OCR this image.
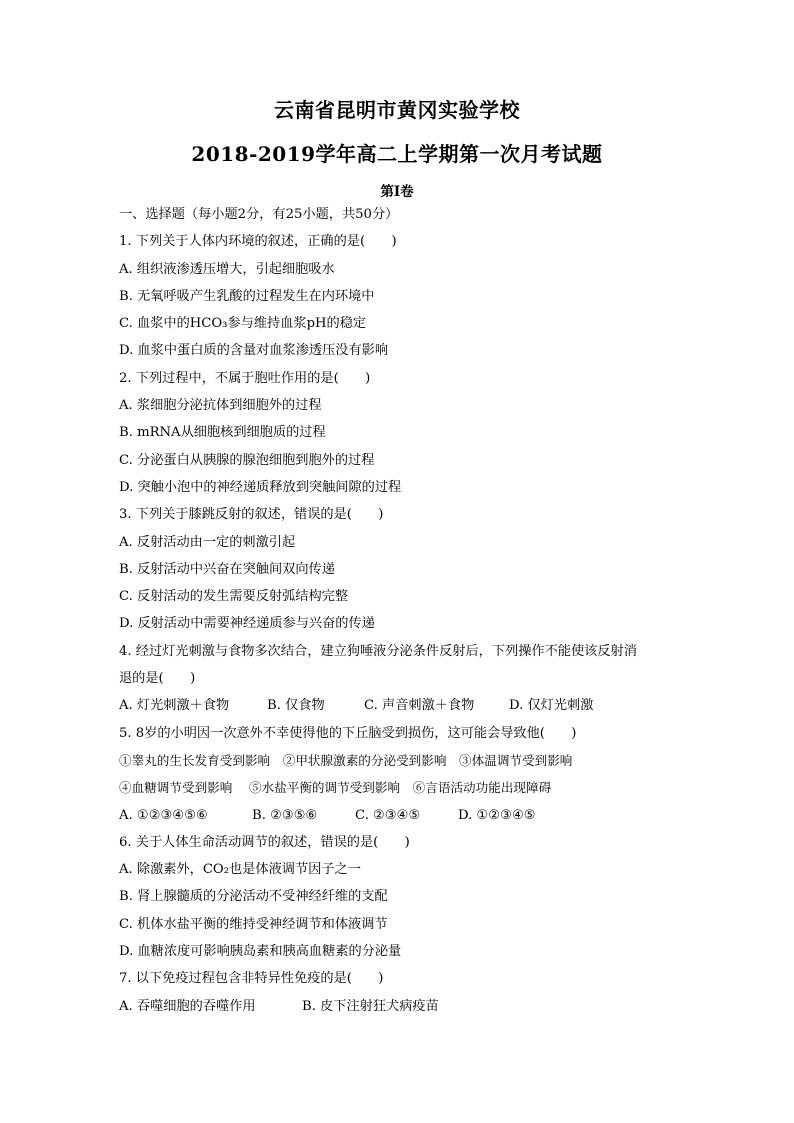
云南省昆明市黄冈实验学校
2018-2019学年高二上学期第一次月考试题
第Ⅰ卷
一、选择题（每小题2分，有25小题，共50分）
1. 下列关于人体内环境的叙述，正确的是(　　)
A. 组织液渗透压增大，引起细胞吸水
B. 无氧呼吸产生乳酸的过程发生在内环境中
C. 血浆中的HCO₃参与维持血浆pH的稳定
D. 血浆中蛋白质的含量对血浆渗透压没有影响
2. 下列过程中，不属于胞吐作用的是(　　)
A. 浆细胞分泌抗体到细胞外的过程
B. mRNA从细胞核到细胞质的过程
C. 分泌蛋白从胰腺的腺泡细胞到胞外的过程
D. 突触小泡中的神经递质释放到突触间隙的过程
3. 下列关于膝跳反射的叙述，错误的是(　　)
A. 反射活动由一定的刺激引起
B. 反射活动中兴奋在突触间双向传递
C. 反射活动的发生需要反射弧结构完整
D. 反射活动中需要神经递质参与兴奋的传递
4. 经过灯光刺激与食物多次结合，建立狗唾液分泌条件反射后，下列操作不能使该反射消
退的是(　　)
A. 灯光刺激＋食物	B. 仅食物	C. 声音刺激＋食物	D. 仅灯光刺激
5. 8岁的小明因一次意外不幸使得他的下丘脑受到损伤，这可能会导致他(　　)
①睾丸的生长发育受到影响　②甲状腺激素的分泌受到影响　③体温调节受到影响
④血糖调节受到影响　 ⑤水盐平衡的调节受到影响　⑥言语活动功能出现障碍
A. ①②③④⑤⑥	B. ②③⑤⑥	C. ②③④⑤	D. ①②③④⑤
6. 关于人体生命活动调节的叙述，错误的是(　　)
A. 除激素外，CO₂也是体液调节因子之一
B. 肾上腺髓质的分泌活动不受神经纤维的支配
C. 机体水盐平衡的维持受神经调节和体液调节
D. 血糖浓度可影响胰岛素和胰高血糖素的分泌量
7. 以下免疫过程包含非特异性免疫的是(　　)
A. 吞噬细胞的吞噬作用	B. 皮下注射狂犬病疫苗
